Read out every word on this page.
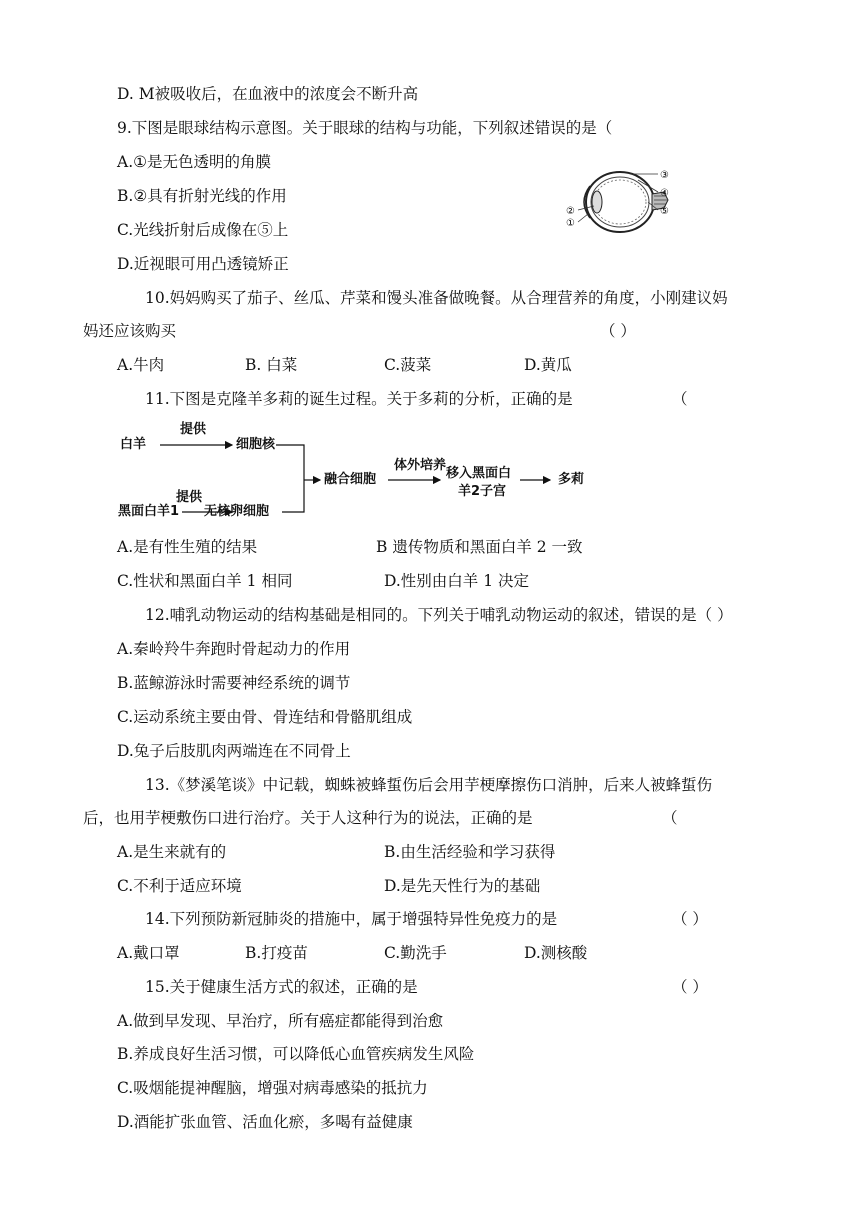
D. M被吸收后，在血液中的浓度会不断升高
9.下图是眼球结构示意图。关于眼球的结构与功能，下列叙述错误的是（
A.①是无色透明的角膜
B.②具有折射光线的作用
C.光线折射后成像在⑤上
D.近视眼可用凸透镜矫正
③
④
⑤
②
①
10.妈妈购买了茄子、丝瓜、芹菜和馒头准备做晚餐。从合理营养的角度，小刚建议妈
妈还应该购买	（ ）
A.牛肉	B. 白菜	C.菠菜	D.黄瓜
11.下图是克隆羊多莉的诞生过程。关于多莉的分析，正确的是	（
白羊
提供
细胞核
黑面白羊1
提供
无核卵细胞
融合细胞
体外培养
移入黑面白
羊2子宫
多莉
A.是有性生殖的结果	B 遗传物质和黑面白羊 2 一致
C.性状和黑面白羊 1 相同	D.性别由白羊 1 决定
12.哺乳动物运动的结构基础是相同的。下列关于哺乳动物运动的叙述，错误的是（ ）
A.秦岭羚牛奔跑时骨起动力的作用
B.蓝鲸游泳时需要神经系统的调节
C.运动系统主要由骨、骨连结和骨骼肌组成
D.兔子后肢肌肉两端连在不同骨上
13.《梦溪笔谈》中记载，蜘蛛被蜂蜇伤后会用芋梗摩擦伤口消肿，后来人被蜂蜇伤
后，也用芋梗敷伤口进行治疗。关于人这种行为的说法，正确的是	（
A.是生来就有的	B.由生活经验和学习获得
C.不利于适应环境	D.是先天性行为的基础
14.下列预防新冠肺炎的措施中，属于增强特异性免疫力的是	（ ）
A.戴口罩	B.打疫苗	C.勤洗手	D.测核酸
15.关于健康生活方式的叙述，正确的是	（ ）
A.做到早发现、早治疗，所有癌症都能得到治愈
B.养成良好生活习惯，可以降低心血管疾病发生风险
C.吸烟能提神醒脑，增强对病毒感染的抵抗力
D.酒能扩张血管、活血化瘀，多喝有益健康
